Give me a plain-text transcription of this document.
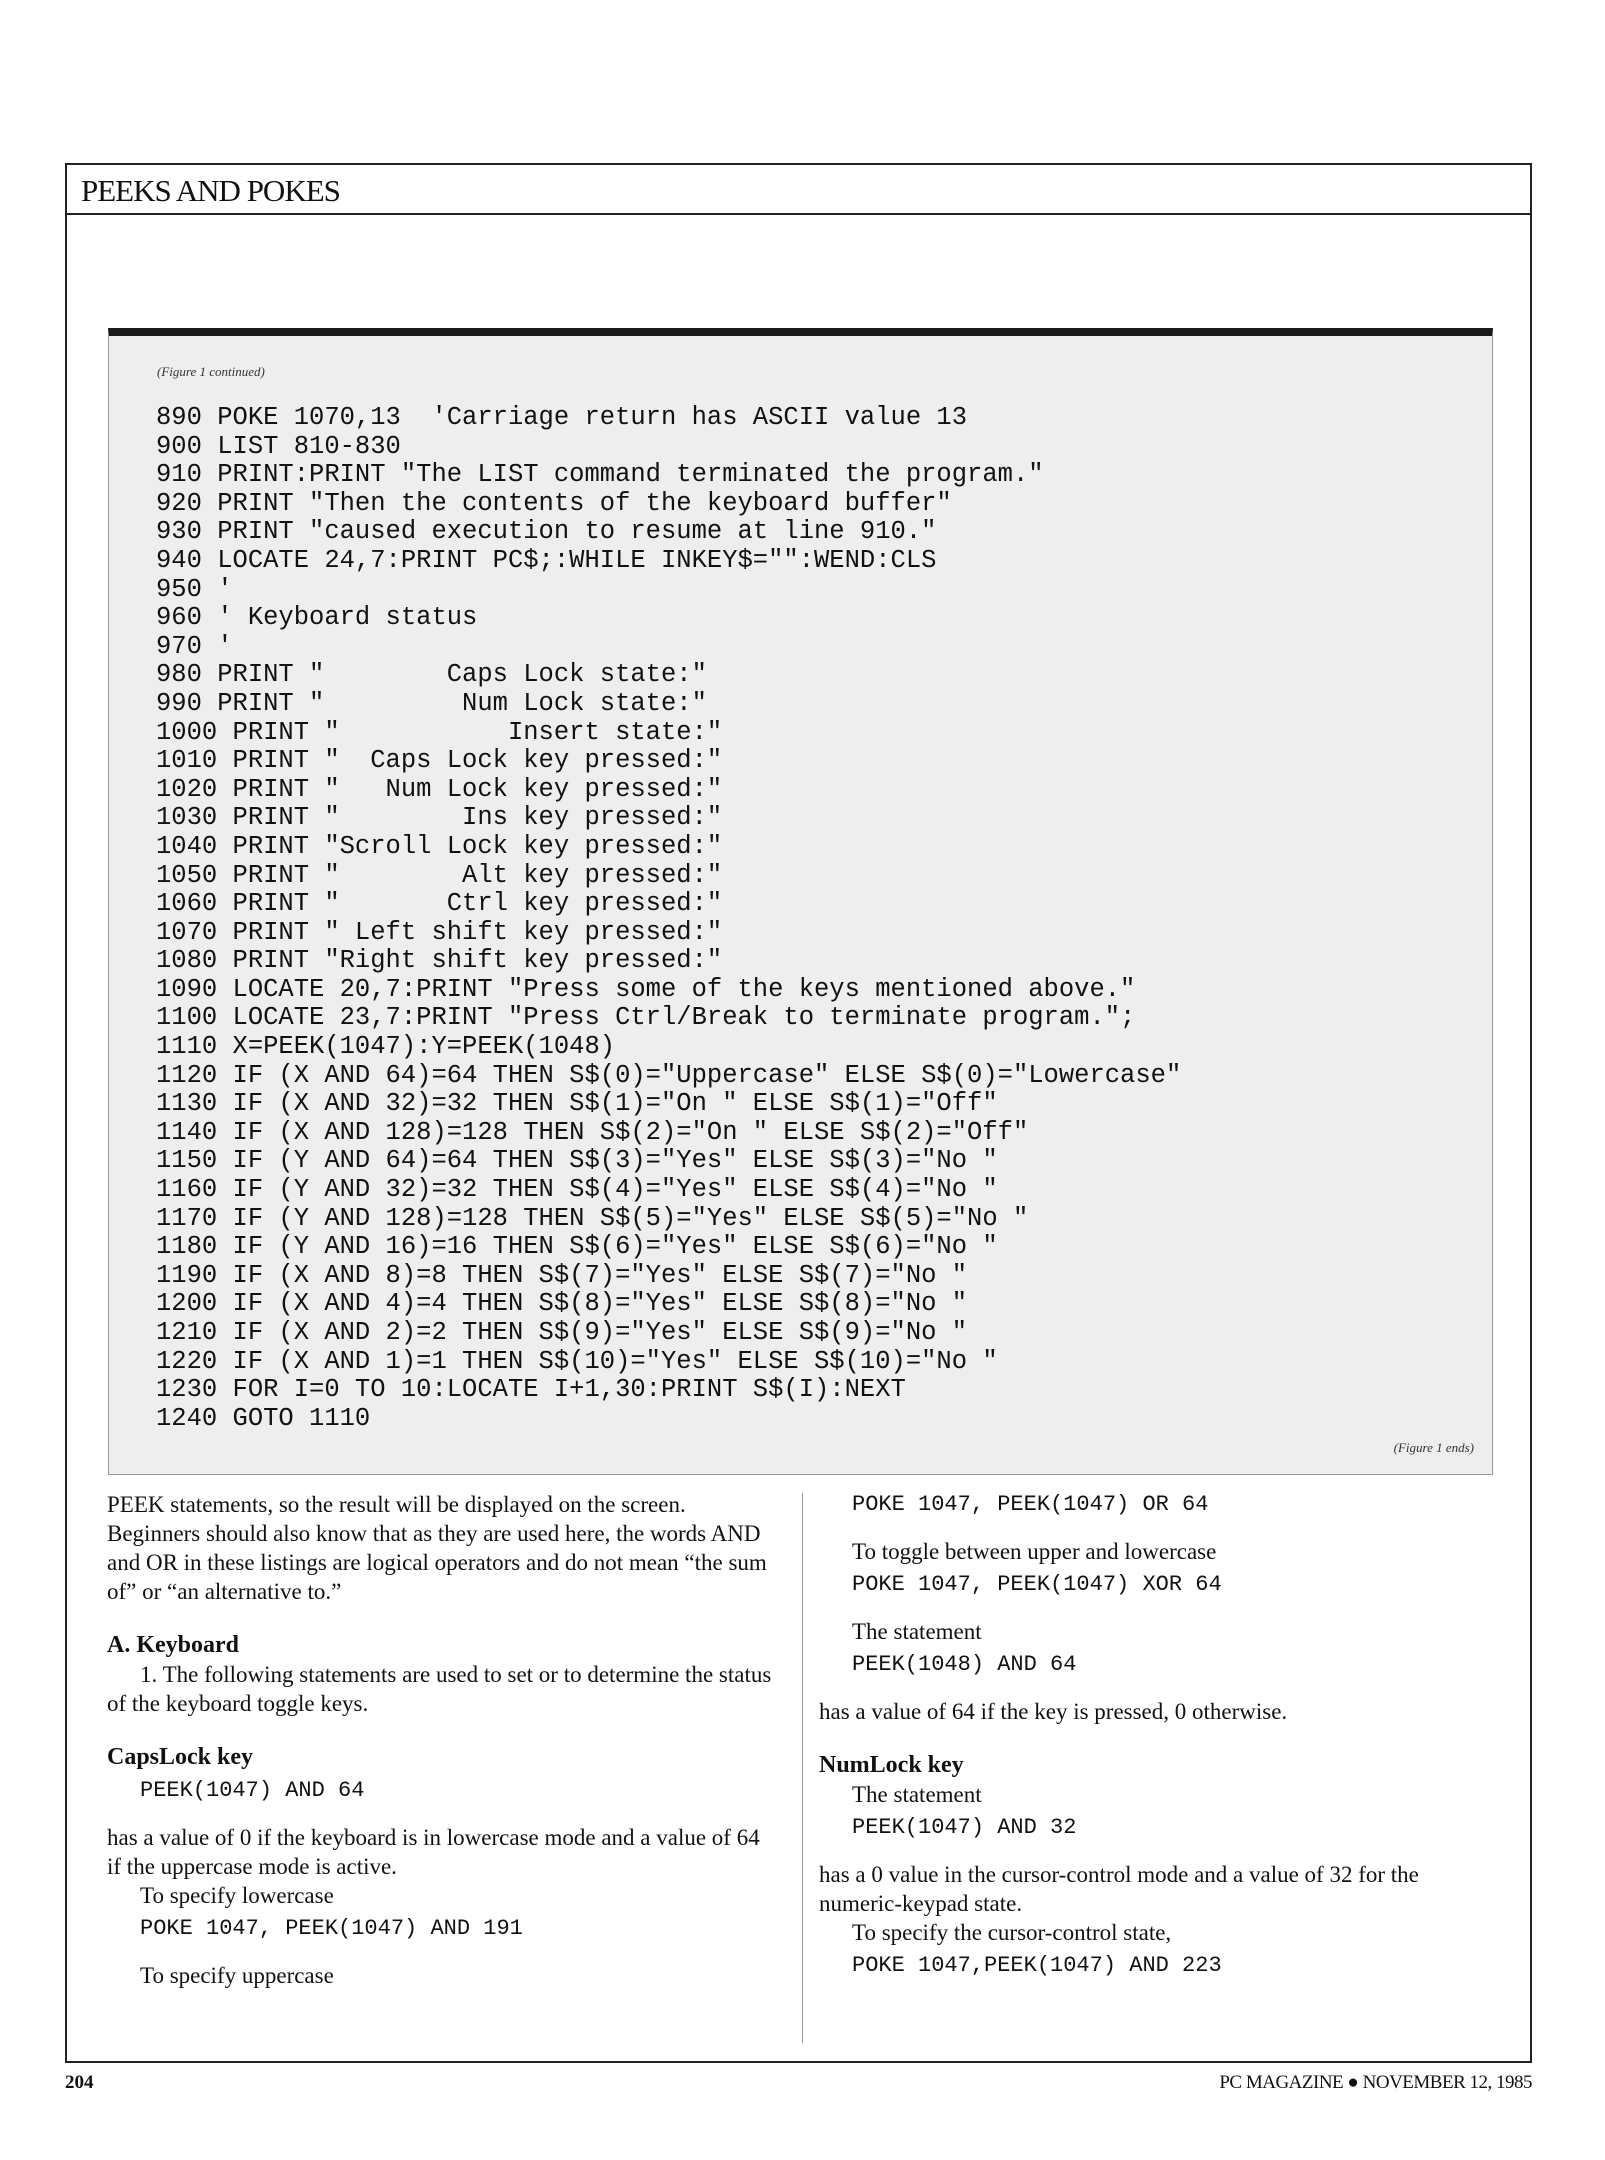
PEEKS AND POKES

(Figure 1 continued)

890 POKE 1070,13  'Carriage return has ASCII value 13
900 LIST 810-830
910 PRINT:PRINT "The LIST command terminated the program."
920 PRINT "Then the contents of the keyboard buffer"
930 PRINT "caused execution to resume at line 910."
940 LOCATE 24,7:PRINT PC$;:WHILE INKEY$="":WEND:CLS
950 '
960 ' Keyboard status
970 '
980 PRINT "        Caps Lock state:"
990 PRINT "         Num Lock state:"
1000 PRINT "           Insert state:"
1010 PRINT "  Caps Lock key pressed:"
1020 PRINT "   Num Lock key pressed:"
1030 PRINT "        Ins key pressed:"
1040 PRINT "Scroll Lock key pressed:"
1050 PRINT "        Alt key pressed:"
1060 PRINT "       Ctrl key pressed:"
1070 PRINT " Left shift key pressed:"
1080 PRINT "Right shift key pressed:"
1090 LOCATE 20,7:PRINT "Press some of the keys mentioned above."
1100 LOCATE 23,7:PRINT "Press Ctrl/Break to terminate program.";
1110 X=PEEK(1047):Y=PEEK(1048)
1120 IF (X AND 64)=64 THEN S$(0)="Uppercase" ELSE S$(0)="Lowercase"
1130 IF (X AND 32)=32 THEN S$(1)="On " ELSE S$(1)="Off"
1140 IF (X AND 128)=128 THEN S$(2)="On " ELSE S$(2)="Off"
1150 IF (Y AND 64)=64 THEN S$(3)="Yes" ELSE S$(3)="No "
1160 IF (Y AND 32)=32 THEN S$(4)="Yes" ELSE S$(4)="No "
1170 IF (Y AND 128)=128 THEN S$(5)="Yes" ELSE S$(5)="No "
1180 IF (Y AND 16)=16 THEN S$(6)="Yes" ELSE S$(6)="No "
1190 IF (X AND 8)=8 THEN S$(7)="Yes" ELSE S$(7)="No "
1200 IF (X AND 4)=4 THEN S$(8)="Yes" ELSE S$(8)="No "
1210 IF (X AND 2)=2 THEN S$(9)="Yes" ELSE S$(9)="No "
1220 IF (X AND 1)=1 THEN S$(10)="Yes" ELSE S$(10)="No "
1230 FOR I=0 TO 10:LOCATE I+1,30:PRINT S$(I):NEXT
1240 GOTO 1110

(Figure 1 ends)

PEEK statements, so the result will be displayed on the screen. Beginners should also know that as they are used here, the words AND and OR in these listings are logical operators and do not mean “the sum of” or “an alternative to.”

A. Keyboard

1. The following statements are used to set or to determine the status of the keyboard toggle keys.

CapsLock key
PEEK(1047) AND 64

has a value of 0 if the keyboard is in lowercase mode and a value of 64 if the uppercase mode is active.

To specify lowercase

POKE 1047, PEEK(1047) AND 191

To specify uppercase

POKE 1047, PEEK(1047) OR 64

To toggle between upper and lowercase

POKE 1047, PEEK(1047) XOR 64

The statement

PEEK(1048) AND 64

has a value of 64 if the key is pressed, 0 otherwise.

NumLock key

The statement

PEEK(1047) AND 32

has a 0 value in the cursor-control mode and a value of 32 for the numeric-keypad state.

To specify the cursor-control state,

POKE 1047,PEEK(1047) AND 223
204	PC MAGAZINE ● NOVEMBER 12, 1985
